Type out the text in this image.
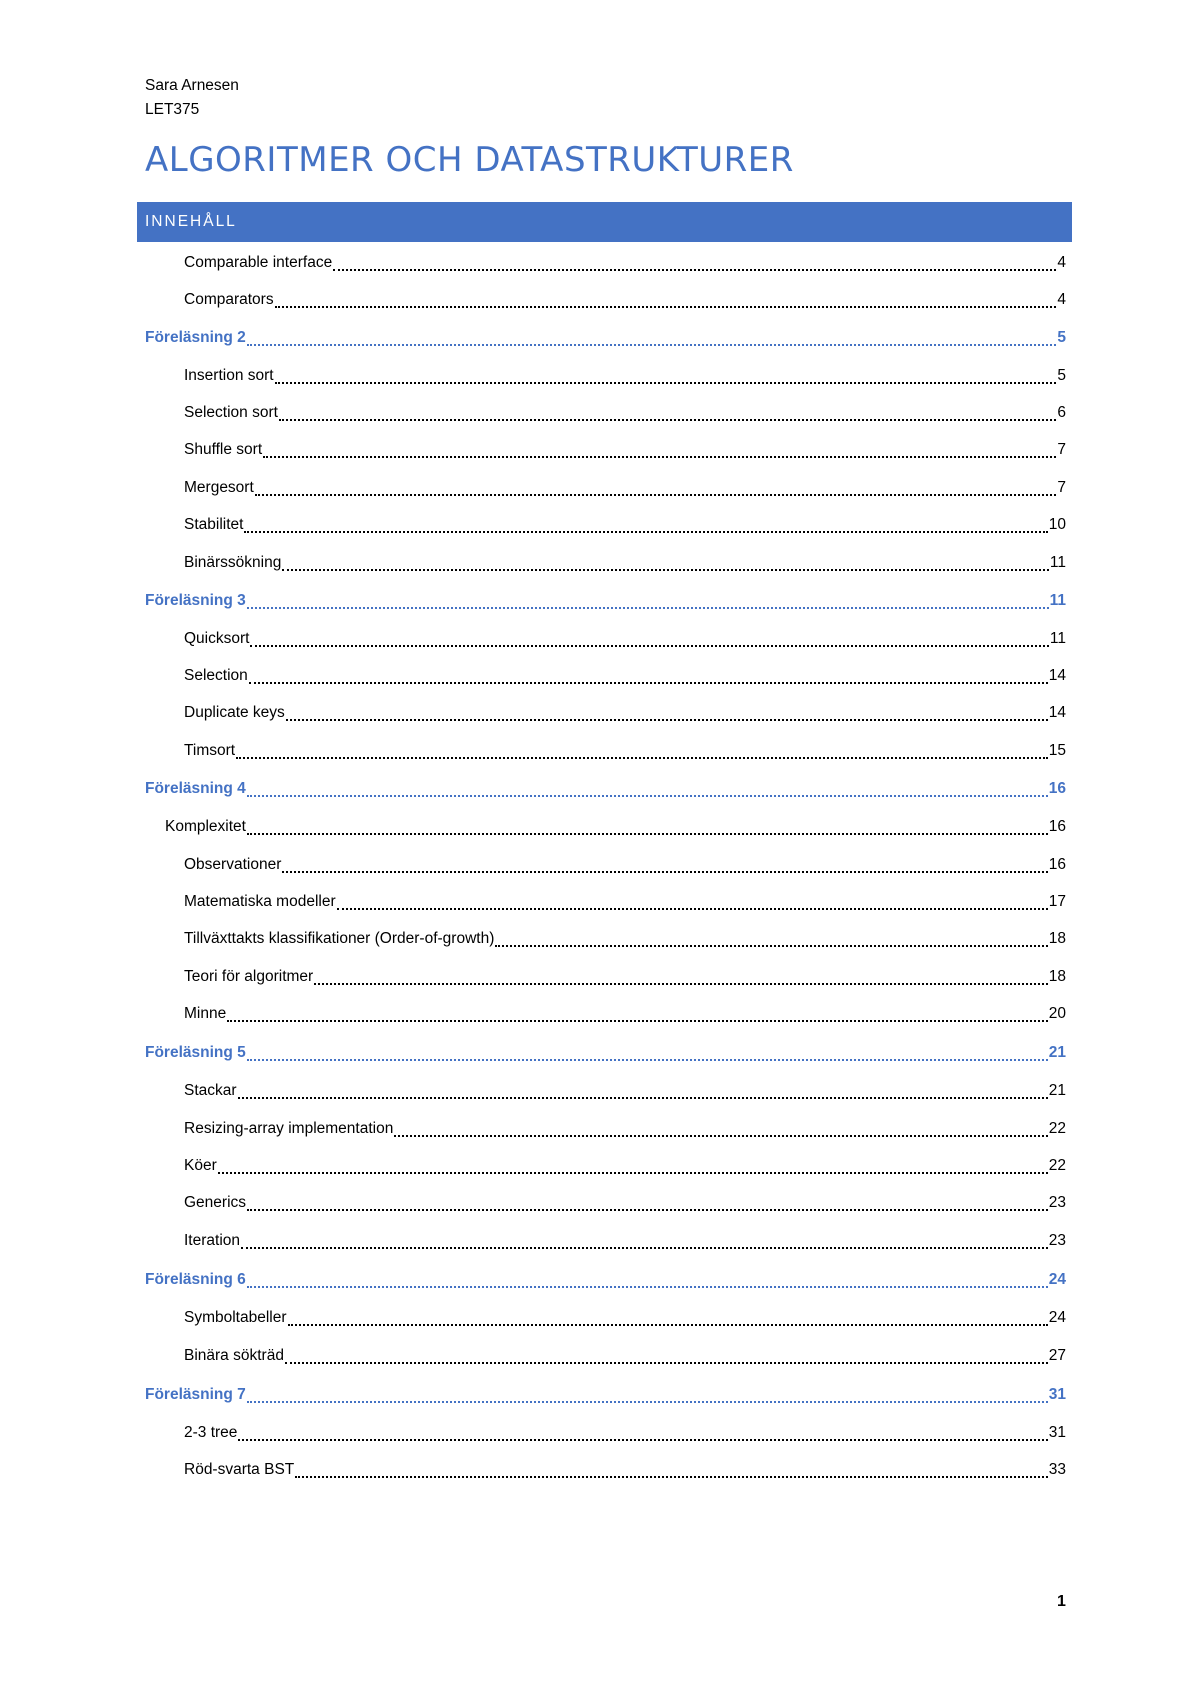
Sara Arnesen
LET375
ALGORITMER OCH DATASTRUKTURER
INNEHÅLL
Comparable interface	4
Comparators	4
Föreläsning 2	5
Insertion sort	5
Selection sort	6
Shuffle sort	7
Mergesort	7
Stabilitet	10
Binärssökning	11
Föreläsning 3	11
Quicksort	11
Selection	14
Duplicate keys	14
Timsort	15
Föreläsning 4	16
Komplexitet	16
Observationer	16
Matematiska modeller	17
Tillväxttakts klassifikationer (Order-of-growth)	18
Teori för algoritmer	18
Minne	20
Föreläsning 5	21
Stackar	21
Resizing-array implementation	22
Köer	22
Generics	23
Iteration	23
Föreläsning 6	24
Symboltabeller	24
Binära sökträd	27
Föreläsning 7	31
2-3 tree	31
Röd-svarta BST	33
1
